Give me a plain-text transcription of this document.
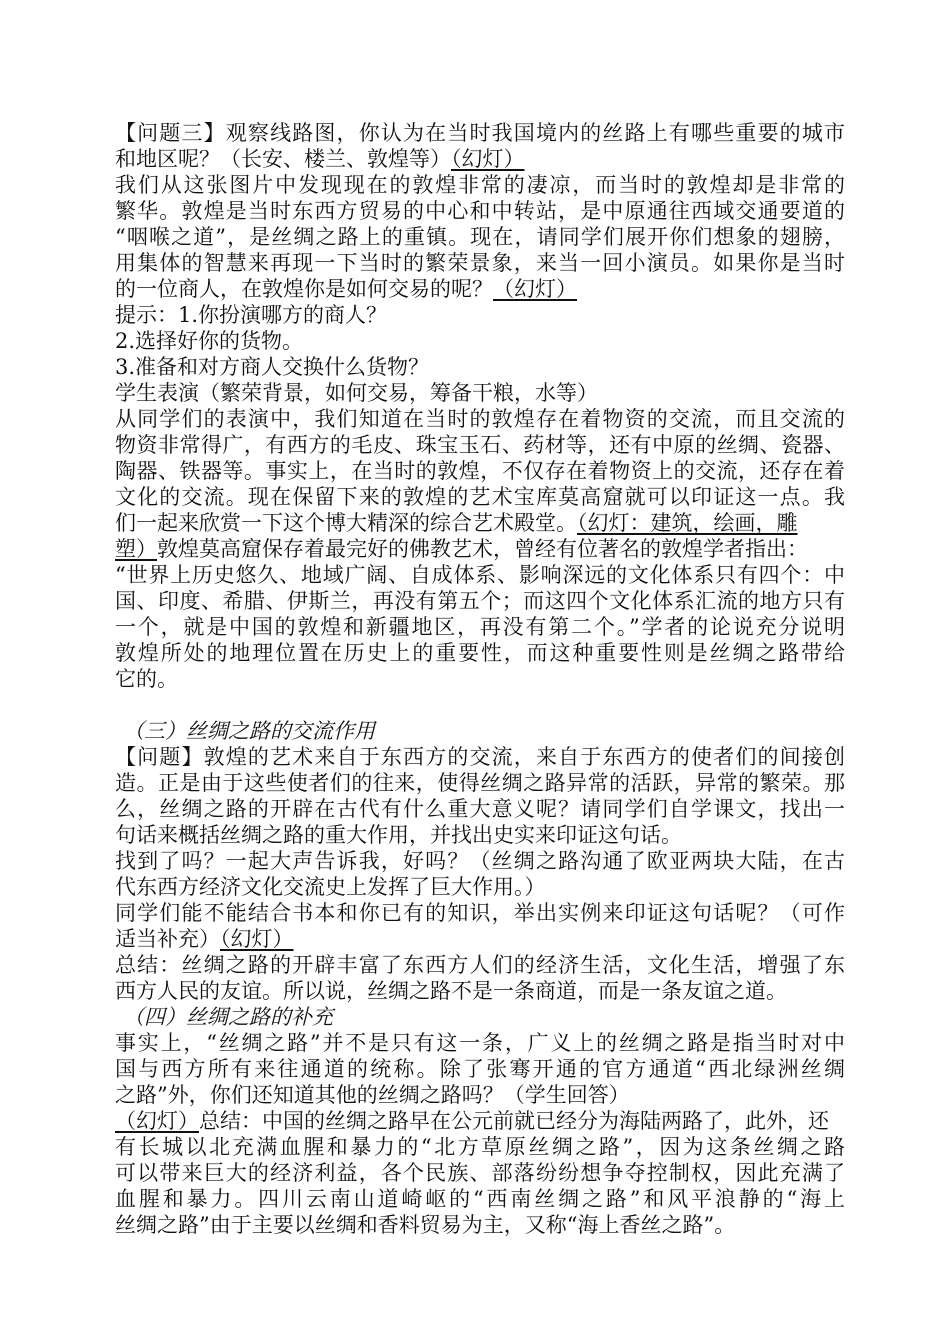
【问题三】观察线路图，你认为在当时我国境内的丝路上有哪些重要的城市
和地区呢？（长安、楼兰、敦煌等）（幻灯）
我们从这张图片中发现现在的敦煌非常的凄凉，而当时的敦煌却是非常的
繁华。敦煌是当时东西方贸易的中心和中转站，是中原通往西域交通要道的
“咽喉之道”，是丝绸之路上的重镇。现在，请同学们展开你们想象的翅膀，
用集体的智慧来再现一下当时的繁荣景象，来当一回小演员。如果你是当时
的一位商人，在敦煌你是如何交易的呢？（幻灯）
提示：1.你扮演哪方的商人？
2.选择好你的货物。
3.准备和对方商人交换什么货物？
学生表演（繁荣背景，如何交易，筹备干粮，水等）
从同学们的表演中，我们知道在当时的敦煌存在着物资的交流，而且交流的
物资非常得广，有西方的毛皮、珠宝玉石、药材等，还有中原的丝绸、瓷器、
陶器、铁器等。事实上，在当时的敦煌，不仅存在着物资上的交流，还存在着
文化的交流。现在保留下来的敦煌的艺术宝库莫高窟就可以印证这一点。我
们一起来欣赏一下这个博大精深的综合艺术殿堂。（幻灯：建筑，绘画，雕
塑）敦煌莫高窟保存着最完好的佛教艺术，曾经有位著名的敦煌学者指出：
“世界上历史悠久、地域广阔、自成体系、影响深远的文化体系只有四个：中
国、印度、希腊、伊斯兰，再没有第五个；而这四个文化体系汇流的地方只有
一个，就是中国的敦煌和新疆地区，再没有第二个。”学者的论说充分说明
敦煌所处的地理位置在历史上的重要性，而这种重要性则是丝绸之路带给
它的。
（三）丝绸之路的交流作用
【问题】敦煌的艺术来自于东西方的交流，来自于东西方的使者们的间接创
造。正是由于这些使者们的往来，使得丝绸之路异常的活跃，异常的繁荣。那
么，丝绸之路的开辟在古代有什么重大意义呢？请同学们自学课文，找出一
句话来概括丝绸之路的重大作用，并找出史实来印证这句话。
找到了吗？一起大声告诉我，好吗？（丝绸之路沟通了欧亚两块大陆，在古
代东西方经济文化交流史上发挥了巨大作用。）
同学们能不能结合书本和你已有的知识，举出实例来印证这句话呢？（可作
适当补充）（幻灯）
总结：丝绸之路的开辟丰富了东西方人们的经济生活，文化生活，增强了东
西方人民的友谊。所以说，丝绸之路不是一条商道，而是一条友谊之道。
（四）丝绸之路的补充
事实上，“丝绸之路”并不是只有这一条，广义上的丝绸之路是指当时对中
国与西方所有来往通道的统称。除了张骞开通的官方通道“西北绿洲丝绸
之路”外，你们还知道其他的丝绸之路吗？（学生回答）
（幻灯）总结：中国的丝绸之路早在公元前就已经分为海陆两路了，此外，还
有长城以北充满血腥和暴力的“北方草原丝绸之路”，因为这条丝绸之路
可以带来巨大的经济利益，各个民族、部落纷纷想争夺控制权，因此充满了
血腥和暴力。四川云南山道崎岖的“西南丝绸之路”和风平浪静的“海上
丝绸之路”由于主要以丝绸和香料贸易为主，又称“海上香丝之路”。
